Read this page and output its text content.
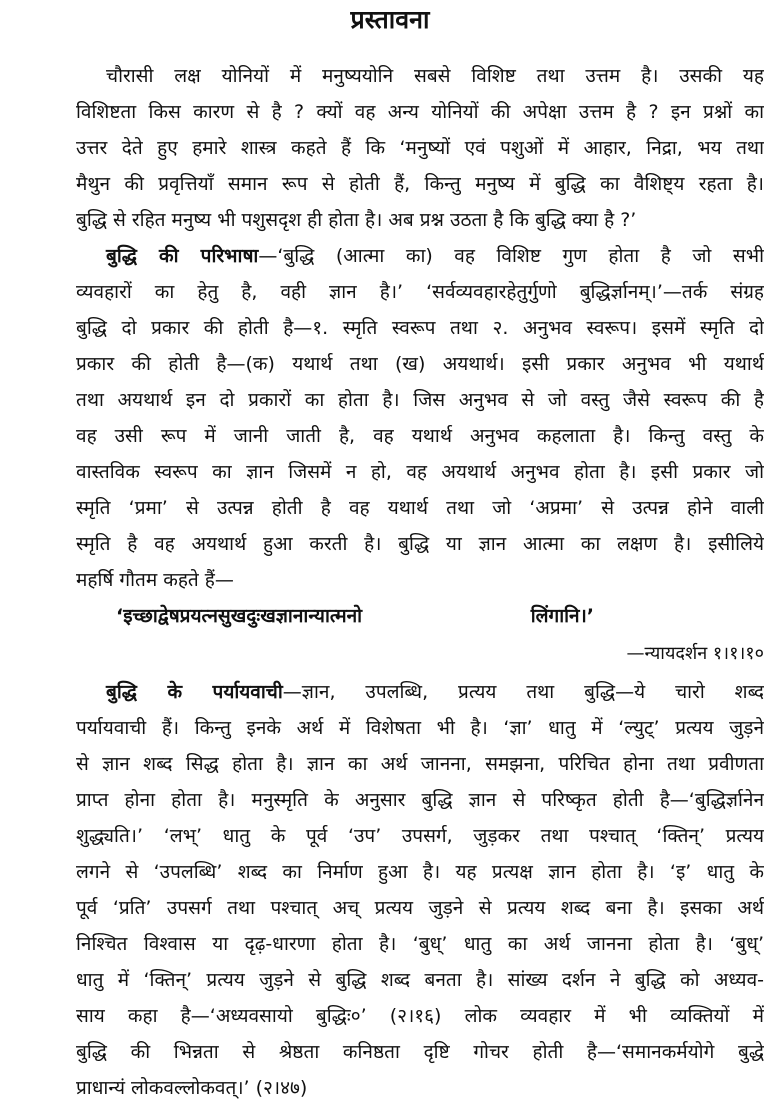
प्रस्तावना
चौरासी लक्ष योनियों में मनुष्ययोनि सबसे विशिष्ट तथा उत्तम है। उसकी यह
विशिष्टता किस कारण से है ? क्यों वह अन्य योनियों की अपेक्षा उत्तम है ? इन प्रश्नों का
उत्तर देते हुए हमारे शास्त्र कहते हैं कि ‘मनुष्यों एवं पशुओं में आहार, निद्रा, भय तथा
मैथुन की प्रवृत्तियाँ समान रूप से होती हैं, किन्तु मनुष्य में बुद्धि का वैशिष्ट्य रहता है।
बुद्धि से रहित मनुष्य भी पशुसदृश ही होता है। अब प्रश्न उठता है कि बुद्धि क्या है ?’
बुद्धि की परिभाषा—‘बुद्धि (आत्मा का) वह विशिष्ट गुण होता है जो सभी
व्यवहारों का हेतु है, वही ज्ञान है।’ ‘सर्वव्यवहारहेतुर्गुणो बुद्धिर्ज्ञानम्।’—तर्क संग्रह
बुद्धि दो प्रकार की होती है—१. स्मृति स्वरूप तथा २. अनुभव स्वरूप। इसमें स्मृति दो
प्रकार की होती है—(क) यथार्थ तथा (ख) अयथार्थ। इसी प्रकार अनुभव भी यथार्थ
तथा अयथार्थ इन दो प्रकारों का होता है। जिस अनुभव से जो वस्तु जैसे स्वरूप की है
वह उसी रूप में जानी जाती है, वह यथार्थ अनुभव कहलाता है। किन्तु वस्तु के
वास्तविक स्वरूप का ज्ञान जिसमें न हो, वह अयथार्थ अनुभव होता है। इसी प्रकार जो
स्मृति ‘प्रमा’ से उत्पन्न होती है वह यथार्थ तथा जो ‘अप्रमा’ से उत्पन्न होने वाली
स्मृति है वह अयथार्थ हुआ करती है। बुद्धि या ज्ञान आत्मा का लक्षण है। इसीलिये
महर्षि गौतम कहते हैं—
‘इच्छाद्वेषप्रयत्नसुखदुःखज्ञानान्यात्मनो	लिंगानि।’
—न्यायदर्शन १।१।१०
बुद्धि के पर्यायवाची—ज्ञान, उपलब्धि, प्रत्यय तथा बुद्धि—ये चारो शब्द
पर्यायवाची हैं। किन्तु इनके अर्थ में विशेषता भी है। ‘ज्ञा’ धातु में ‘ल्युट्’ प्रत्यय जुड़ने
से ज्ञान शब्द सिद्ध होता है। ज्ञान का अर्थ जानना, समझना, परिचित होना तथा प्रवीणता
प्राप्त होना होता है। मनुस्मृति के अनुसार बुद्धि ज्ञान से परिष्कृत होती है—‘बुद्धिर्ज्ञानेन
शुद्ध्यति।’ ‘लभ्’ धातु के पूर्व ‘उप’ उपसर्ग, जुड़कर तथा पश्चात् ‘क्तिन्’ प्रत्यय
लगने से ‘उपलब्धि’ शब्द का निर्माण हुआ है। यह प्रत्यक्ष ज्ञान होता है। ‘इ’ धातु के
पूर्व ‘प्रति’ उपसर्ग तथा पश्चात् अच् प्रत्यय जुड़ने से प्रत्यय शब्द बना है। इसका अर्थ
निश्चित विश्वास या दृढ़-धारणा होता है। ‘बुध्’ धातु का अर्थ जानना होता है। ‘बुध्’
धातु में ‘क्तिन्’ प्रत्यय जुड़ने से बुद्धि शब्द बनता है। सांख्य दर्शन ने बुद्धि को अध्यव-
साय कहा है—‘अध्यवसायो बुद्धिः०’ (२।१६) लोक व्यवहार में भी व्यक्तियों में
बुद्धि की भिन्नता से श्रेष्ठता कनिष्ठता दृष्टि गोचर होती है—‘समानकर्मयोगे बुद्धे
प्राधान्यं लोकवल्लोकवत्।’ (२।४७)
